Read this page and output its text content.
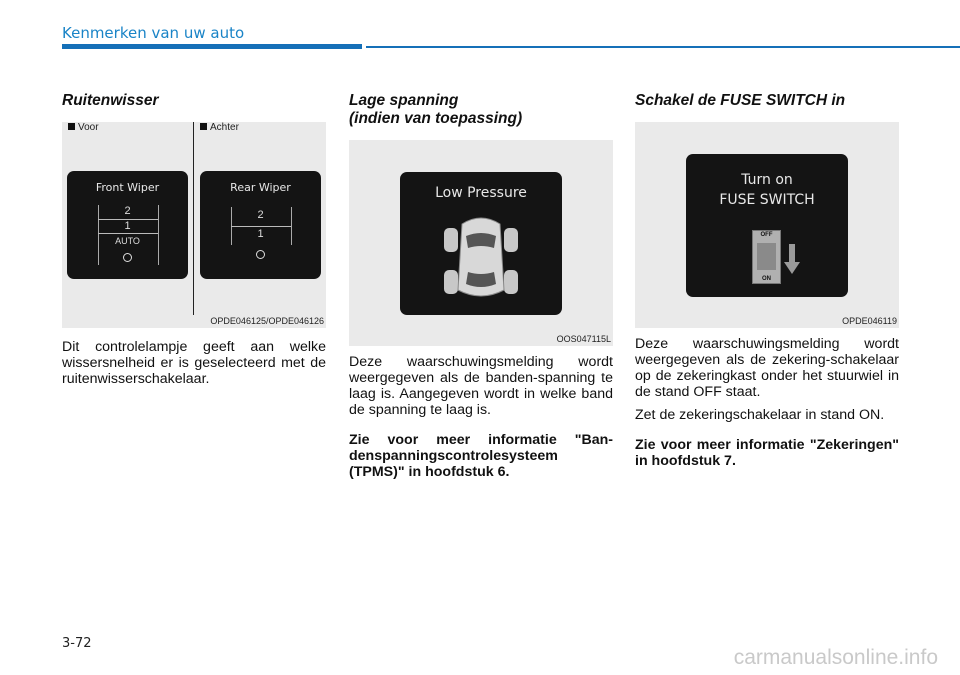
Kenmerken van uw auto
Ruitenwisser
Voor	Achter
Front Wiper
2
1
AUTO
Rear Wiper
2
1
OPDE046125/OPDE046126

Dit controlelampje geeft aan welke wissersnelheid er is geselecteerd met de ruitenwisserschakelaar.

Lage spanning
(indien van toepassing)
Low Pressure
OOS047115L

Deze waarschuwingsmelding wordt weergegeven als de banden-spanning te laag is. Aangegeven wordt in welke band de spanning te laag is.

Zie voor meer informatie "Ban-denspanningscontrolesysteem (TPMS)" in hoofdstuk 6.

Schakel de FUSE SWITCH in
Turn on
FUSE SWITCH
OFF
ON
OPDE046119

Deze waarschuwingsmelding wordt weergegeven als de zekering-schakelaar op de zekeringkast onder het stuurwiel in de stand OFF staat.

Zet de zekeringschakelaar in stand ON.

Zie voor meer informatie "Zekeringen" in hoofdstuk 7.

3-72
carmanualsonline.info
